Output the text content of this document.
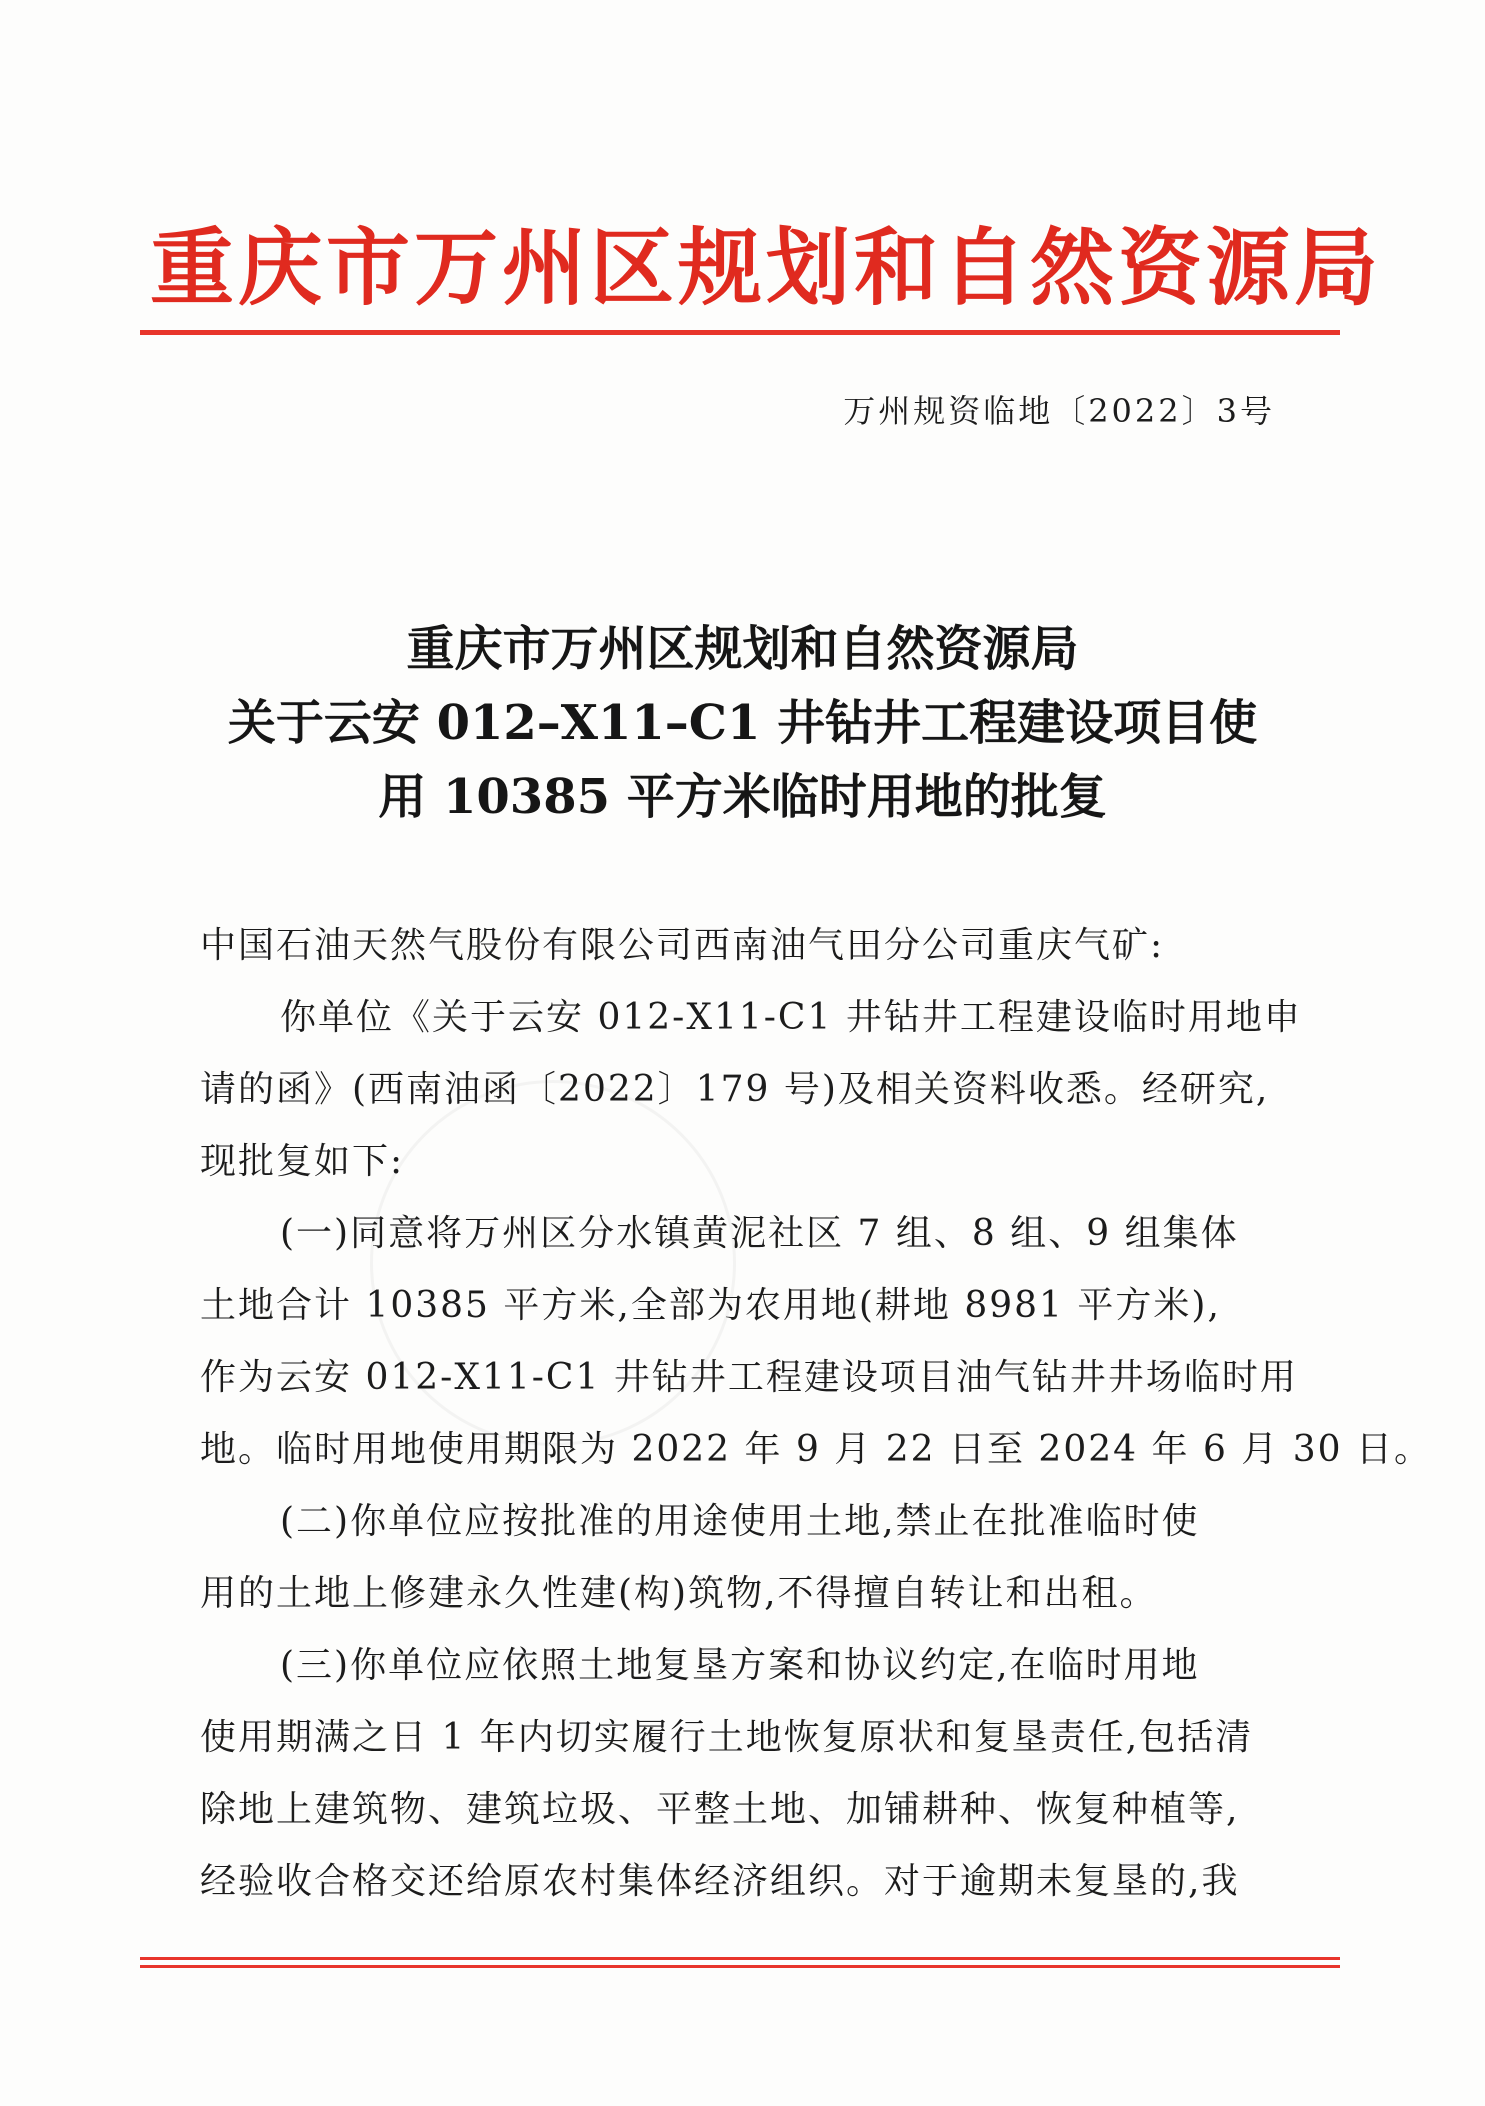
重庆市万州区规划和自然资源局
万州规资临地〔2022〕3号
重庆市万州区规划和自然资源局
关于云安 012–X11–C1 井钻井工程建设项目使
用 10385 平方米临时用地的批复
中国石油天然气股份有限公司西南油气田分公司重庆气矿:
你单位《关于云安 012-X11-C1 井钻井工程建设临时用地申
请的函》(西南油函〔2022〕179 号)及相关资料收悉。经研究,
现批复如下:
(一)同意将万州区分水镇黄泥社区 7 组、8 组、9 组集体
土地合计 10385 平方米,全部为农用地(耕地 8981 平方米),
作为云安 012-X11-C1 井钻井工程建设项目油气钻井井场临时用
地。临时用地使用期限为 2022 年 9 月 22 日至 2024 年 6 月 30 日。
(二)你单位应按批准的用途使用土地,禁止在批准临时使
用的土地上修建永久性建(构)筑物,不得擅自转让和出租。
(三)你单位应依照土地复垦方案和协议约定,在临时用地
使用期满之日 1 年内切实履行土地恢复原状和复垦责任,包括清
除地上建筑物、建筑垃圾、平整土地、加铺耕种、恢复种植等,
经验收合格交还给原农村集体经济组织。对于逾期未复垦的,我
